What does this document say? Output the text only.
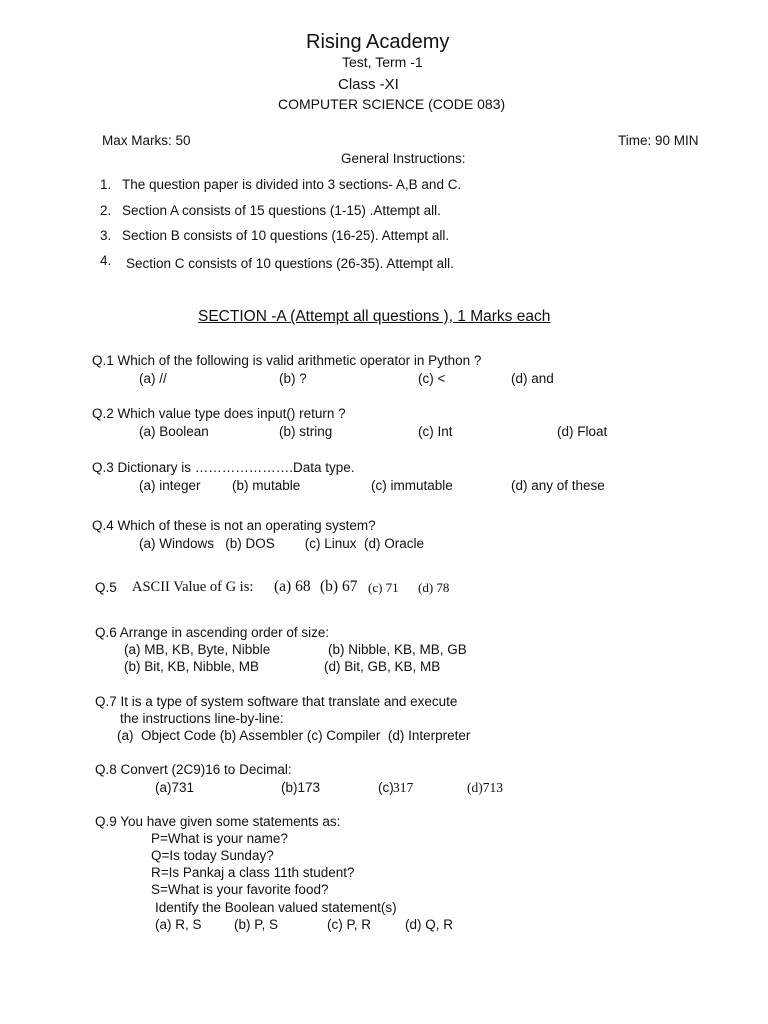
Rising Academy
Test, Term -1
Class -XI
COMPUTER SCIENCE (CODE 083)
Max Marks: 50	Time: 90 MIN
General Instructions:
1. The question paper is divided into 3 sections- A,B and C.
2. Section A consists of 15 questions (1-15) .Attempt all.
3. Section B consists of 10 questions (16-25). Attempt all.
4. Section C consists of 10 questions (26-35). Attempt all.
SECTION -A (Attempt all questions ), 1 Marks each
Q.1 Which of the following is valid arithmetic operator in Python ?
(a) //	(b) ?	(c) <	(d) and
Q.2 Which value type does input() return ?
(a) Boolean	(b) string	(c) Int	(d) Float
Q.3 Dictionary is ………………….Data type.
(a) integer (b) mutable	(c) immutable	(d) any of these
Q.4 Which of these is not an operating system?
(a) Windows   (b) DOS        (c) Linux  (d) Oracle
Q.5 ASCII Value of G is: (a) 68 (b) 67 (c) 71 (d) 78
Q.6 Arrange in ascending order of size:
(a) MB, KB, Byte, Nibble	(b) Nibble, KB, MB, GB
(b) Bit, KB, Nibble, MB	(d) Bit, GB, KB, MB
Q.7 It is a type of system software that translate and execute
the instructions line-by-line:
(a)  Object Code (b) Assembler (c) Compiler  (d) Interpreter
Q.8 Convert (2C9)16 to Decimal:
(a)731	(b)173	(c) 317	(d)713
Q.9 You have given some statements as:
P=What is your name?
Q=Is today Sunday?
R=Is Pankaj a class 11th student?
S=What is your favorite food?
Identify the Boolean valued statement(s)
(a) R, S (b) P, S	(c) P, R	(d) Q, R
